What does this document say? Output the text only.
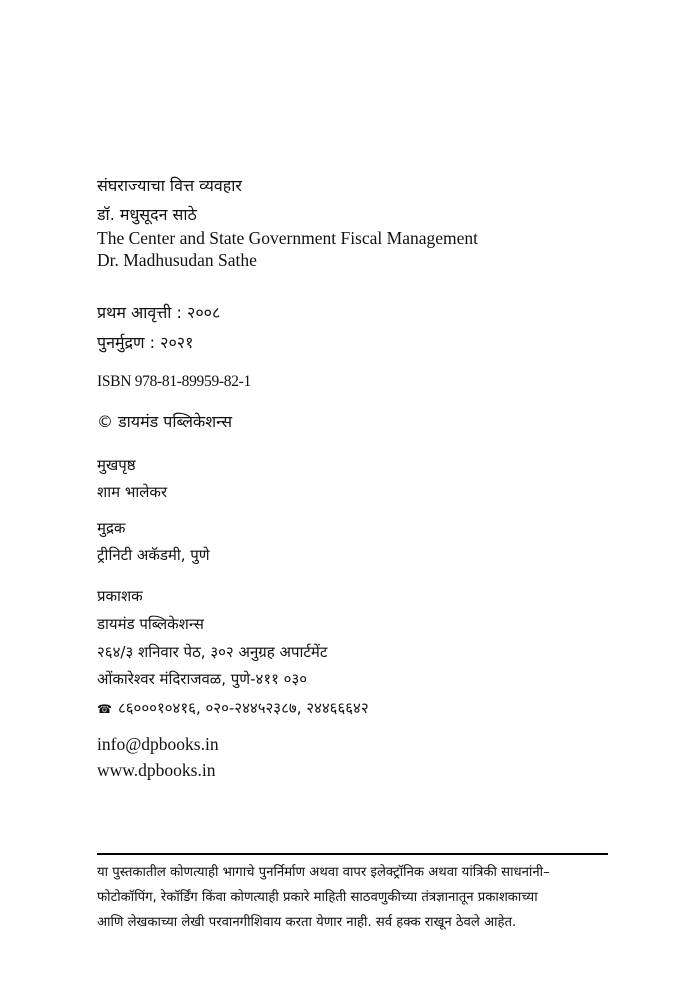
संघराज्याचा वित्त व्यवहार
डॉ. मधुसूदन साठे
The Center and State Government Fiscal Management
Dr. Madhusudan Sathe
प्रथम आवृत्ती : २००८
पुनर्मुद्रण : २०२१
ISBN 978-81-89959-82-1
© डायमंड पब्लिकेशन्स
मुखपृष्ठ
शाम भालेकर
मुद्रक
ट्रीनिटी अकॅडमी, पुणे
प्रकाशक
डायमंड पब्लिकेशन्स
२६४/३ शनिवार पेठ, ३०२ अनुग्रह अपार्टमेंट
ओंकारेश्वर मंदिराजवळ, पुणे-४११ ०३०
☎ ८६०००१०४१६, ०२०-२४४५२३८७, २४४६६६४२
info@dpbooks.in
www.dpbooks.in
या पुस्तकातील कोणत्याही भागाचे पुनर्निर्माण अथवा वापर इलेक्ट्रॉनिक अथवा यांत्रिकी साधनांनी–
फोटोकॉपिंग, रेकॉर्डिंग किंवा कोणत्याही प्रकारे माहिती साठवणुकीच्या तंत्रज्ञानातून प्रकाशकाच्या
आणि लेखकाच्या लेखी परवानगीशिवाय करता येणार नाही. सर्व हक्क राखून ठेवले आहेत.
